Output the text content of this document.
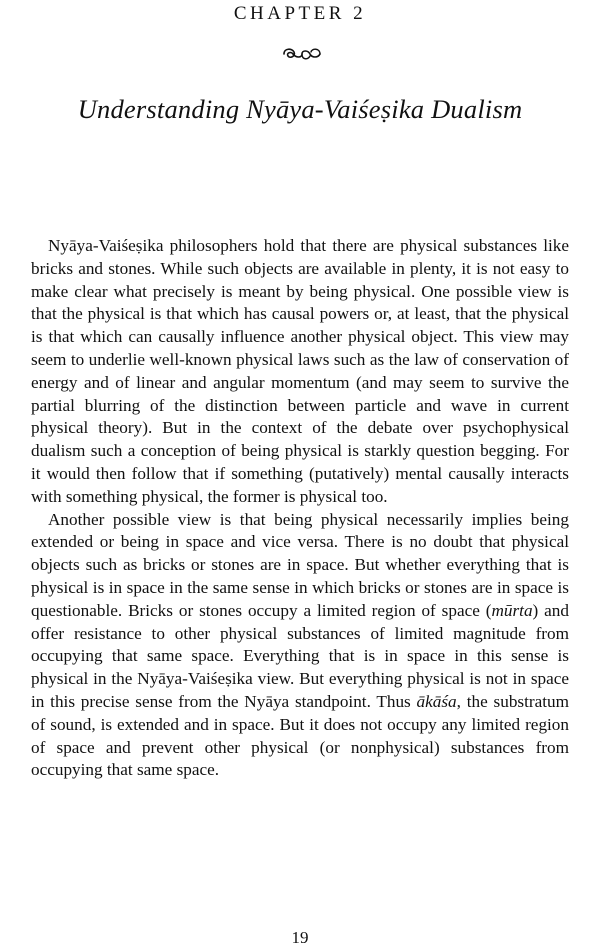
CHAPTER 2
Understanding Nyāya-Vaiśeṣika Dualism

Nyāya-Vaiśeṣika philosophers hold that there are physical substances like bricks and stones. While such objects are available in plenty, it is not easy to make clear what precisely is meant by being physical. One possible view is that the physical is that which has causal powers or, at least, that the physical is that which can causally influence another physical object. This view may seem to underlie well-known physical laws such as the law of conservation of energy and of linear and angular momentum (and may seem to survive the partial blurring of the distinction between particle and wave in current physical theory). But in the context of the debate over psychophysical dualism such a conception of being physical is starkly question begging. For it would then follow that if something (putatively) mental causally interacts with something physical, the former is physical too.

Another possible view is that being physical necessarily implies being extended or being in space and vice versa. There is no doubt that physical objects such as bricks or stones are in space. But whether everything that is physical is in space in the same sense in which bricks or stones are in space is questionable. Bricks or stones occupy a limited region of space (mūrta) and offer resistance to other physical substances of limited magnitude from occupying that same space. Everything that is in space in this sense is physical in the Nyāya-Vaiśeṣika view. But everything physical is not in space in this precise sense from the Nyāya standpoint. Thus ākāśa, the substratum of sound, is extended and in space. But it does not occupy any limited region of space and prevent other physical (or nonphysical) substances from occupying that same space.

19
